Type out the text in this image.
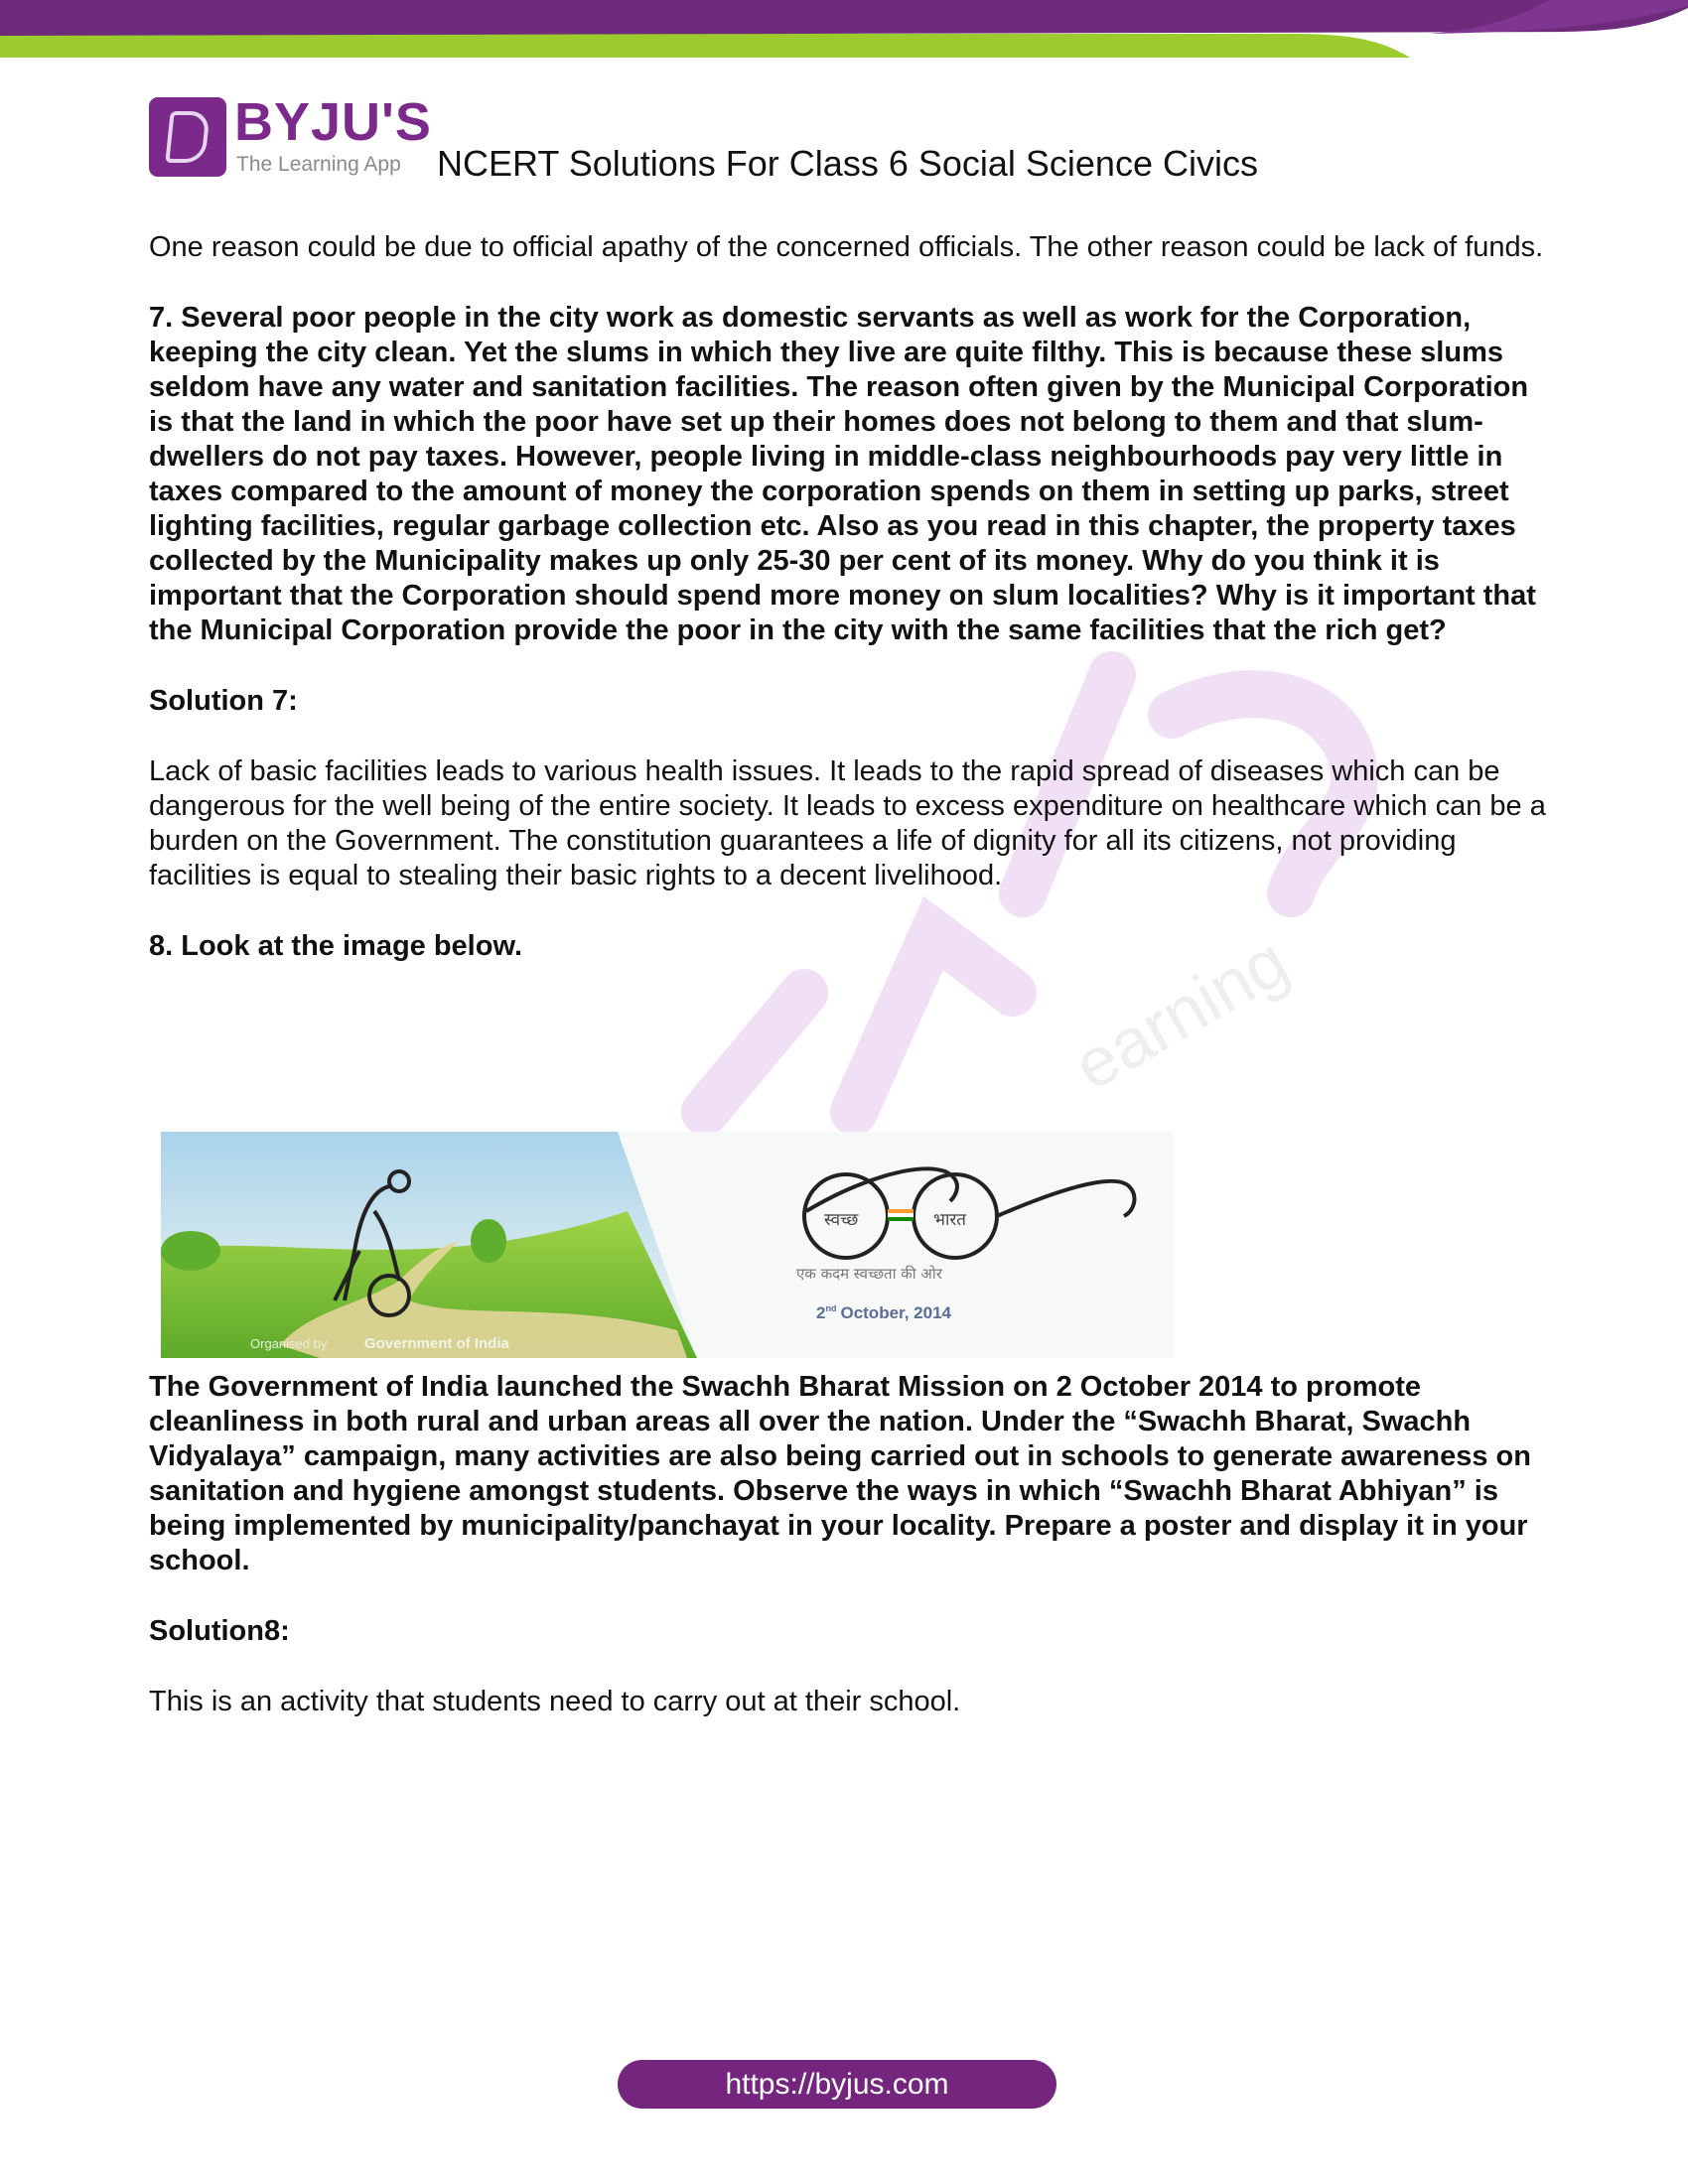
BYJU'S
The Learning App NCERT Solutions For Class 6 Social Science Civics
earning

One reason could be due to official apathy of the concerned officials. The other reason could be lack of funds.

7. Several poor people in the city work as domestic servants as well as work for the Corporation, keeping the city clean. Yet the slums in which they live are quite filthy. This is because these slums seldom have any water and sanitation facilities. The reason often given by the Municipal Corporation is that the land in which the poor have set up their homes does not belong to them and that slum-dwellers do not pay taxes. However, people living in middle-class neighbourhoods pay very little in taxes compared to the amount of money the corporation spends on them in setting up parks, street lighting facilities, regular garbage collection etc. Also as you read in this chapter, the property taxes collected by the Municipality makes up only 25-30 per cent of its money. Why do you think it is important that the Corporation should spend more money on slum localities? Why is it important that the Municipal Corporation provide the poor in the city with the same facilities that the rich get?

Solution 7:

Lack of basic facilities leads to various health issues. It leads to the rapid spread of diseases which can be dangerous for the well being of the entire society. It leads to excess expenditure on healthcare which can be a burden on the Government. The constitution guarantees a life of dignity for all its citizens, not providing facilities is equal to stealing their basic rights to a decent livelihood.

8. Look at the image below.

Organised by	Government of India
स्वच्छ	भारत
एक कदम स्वच्छता की ओर
2nd October, 2014

The Government of India launched the Swachh Bharat Mission on 2 October 2014 to promote cleanliness in both rural and urban areas all over the nation. Under the “Swachh Bharat, Swachh Vidyalaya” campaign, many activities are also being carried out in schools to generate awareness on sanitation and hygiene amongst students. Observe the ways in which “Swachh Bharat Abhiyan” is being implemented by municipality/panchayat in your locality. Prepare a poster and display it in your school.

Solution8:

This is an activity that students need to carry out at their school.

https://byjus.com
